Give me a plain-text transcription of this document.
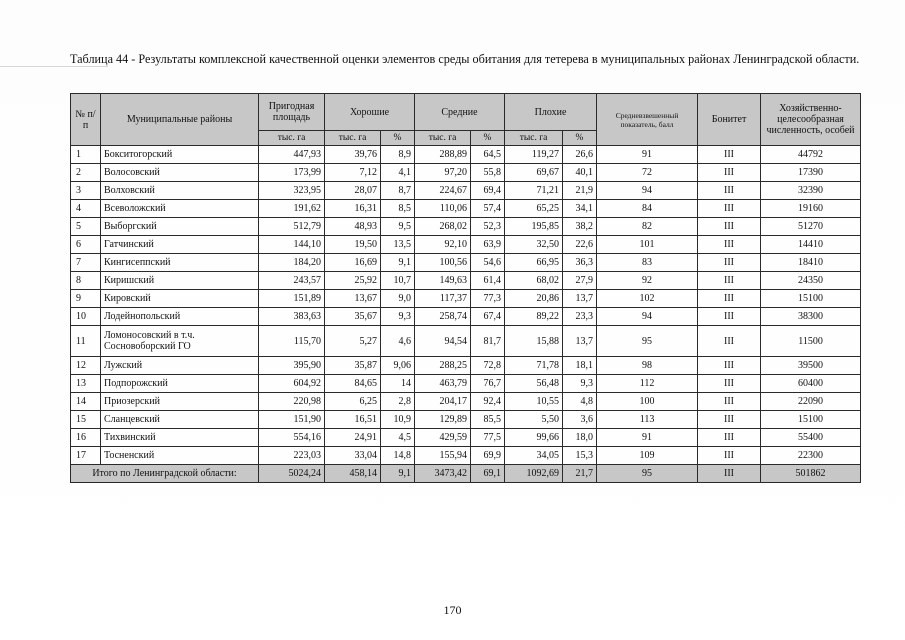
Таблица 44 - Результаты комплексной качественной оценки элементов среды обитания для тетерева в муниципальных районах Ленинградской области.
№ п/п	Муниципальные районы	Пригодная площадь	Хорошие		Средние		Плохие		Средневзвешенный показатель, балл	Бонитет	Хозяйственно-целесообразная численность, особей
		тыс. га	тыс. га	%	тыс. га	%	тыс. га	%			
1	Бокситогорский	447,93	39,76	8,9	288,89	64,5	119,27	26,6	91	III	44792
2	Волосовский	173,99	7,12	4,1	97,20	55,8	69,67	40,1	72	III	17390
3	Волховский	323,95	28,07	8,7	224,67	69,4	71,21	21,9	94	III	32390
4	Всеволожский	191,62	16,31	8,5	110,06	57,4	65,25	34,1	84	III	19160
5	Выборгский	512,79	48,93	9,5	268,02	52,3	195,85	38,2	82	III	51270
6	Гатчинский	144,10	19,50	13,5	92,10	63,9	32,50	22,6	101	III	14410
7	Кингисеппский	184,20	16,69	9,1	100,56	54,6	66,95	36,3	83	III	18410
8	Киришский	243,57	25,92	10,7	149,63	61,4	68,02	27,9	92	III	24350
9	Кировский	151,89	13,67	9,0	117,37	77,3	20,86	13,7	102	III	15100
10	Лодейнопольский	383,63	35,67	9,3	258,74	67,4	89,22	23,3	94	III	38300
11	Ломоносовский в т.ч. Сосновоборский ГО	115,70	5,27	4,6	94,54	81,7	15,88	13,7	95	III	11500
12	Лужский	395,90	35,87	9,06	288,25	72,8	71,78	18,1	98	III	39500
13	Подпорожский	604,92	84,65	14	463,79	76,7	56,48	9,3	112	III	60400
14	Приозерский	220,98	6,25	2,8	204,17	92,4	10,55	4,8	100	III	22090
15	Сланцевский	151,90	16,51	10,9	129,89	85,5	5,50	3,6	113	III	15100
16	Тихвинский	554,16	24,91	4,5	429,59	77,5	99,66	18,0	91	III	55400
17	Тосненский	223,03	33,04	14,8	155,94	69,9	34,05	15,3	109	III	22300
Итого по Ленинградской области:		5024,24	458,14	9,1	3473,42	69,1	1092,69	21,7	95	III	501862
170
